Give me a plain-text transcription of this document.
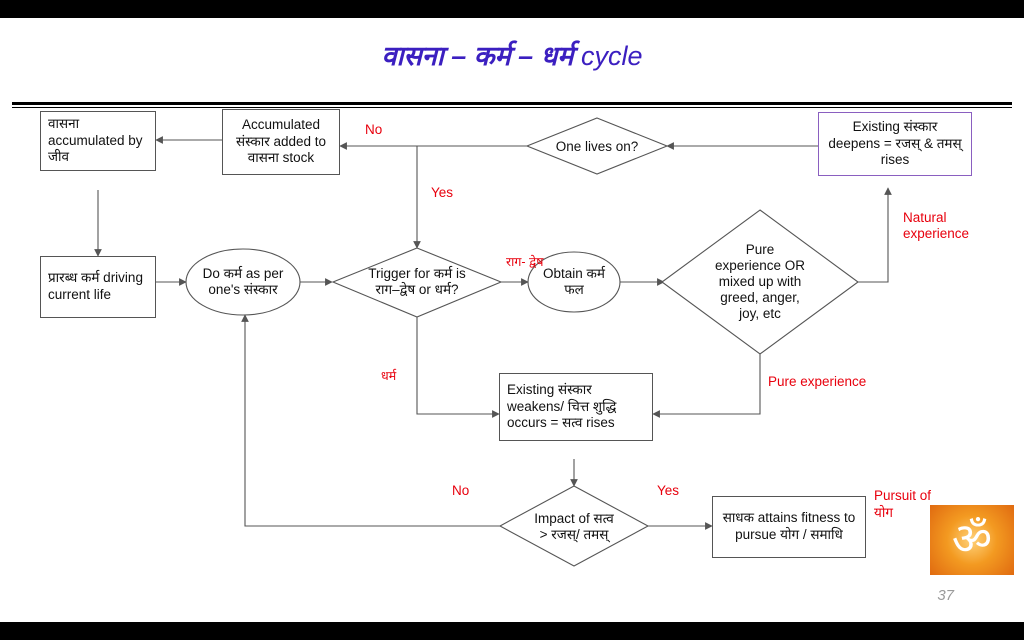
वासना – कर्म – धर्म cycle
वासना accumulated by जीव
Accumulated संस्कार added to वासना stock
Existing संस्कार deepens = रजस् & तमस् rises
प्रारब्ध कर्म driving current life
Existing संस्कार weakens/ चित्त शुद्धि occurs = सत्व rises
साधक attains fitness to pursue योग / समाधि
One lives on?
Do कर्म as per one's संस्कार
Trigger for कर्म is राग–द्वेष or धर्म?
Obtain कर्म फल
Pure experience OR mixed up with greed, anger, joy, etc
Impact of सत्व > रजस्/ तमस्
No
Yes
राग- द्वेष
धर्म
Natural experience
Pure experience
No	Yes	Pursuit of योग
ॐ
37
